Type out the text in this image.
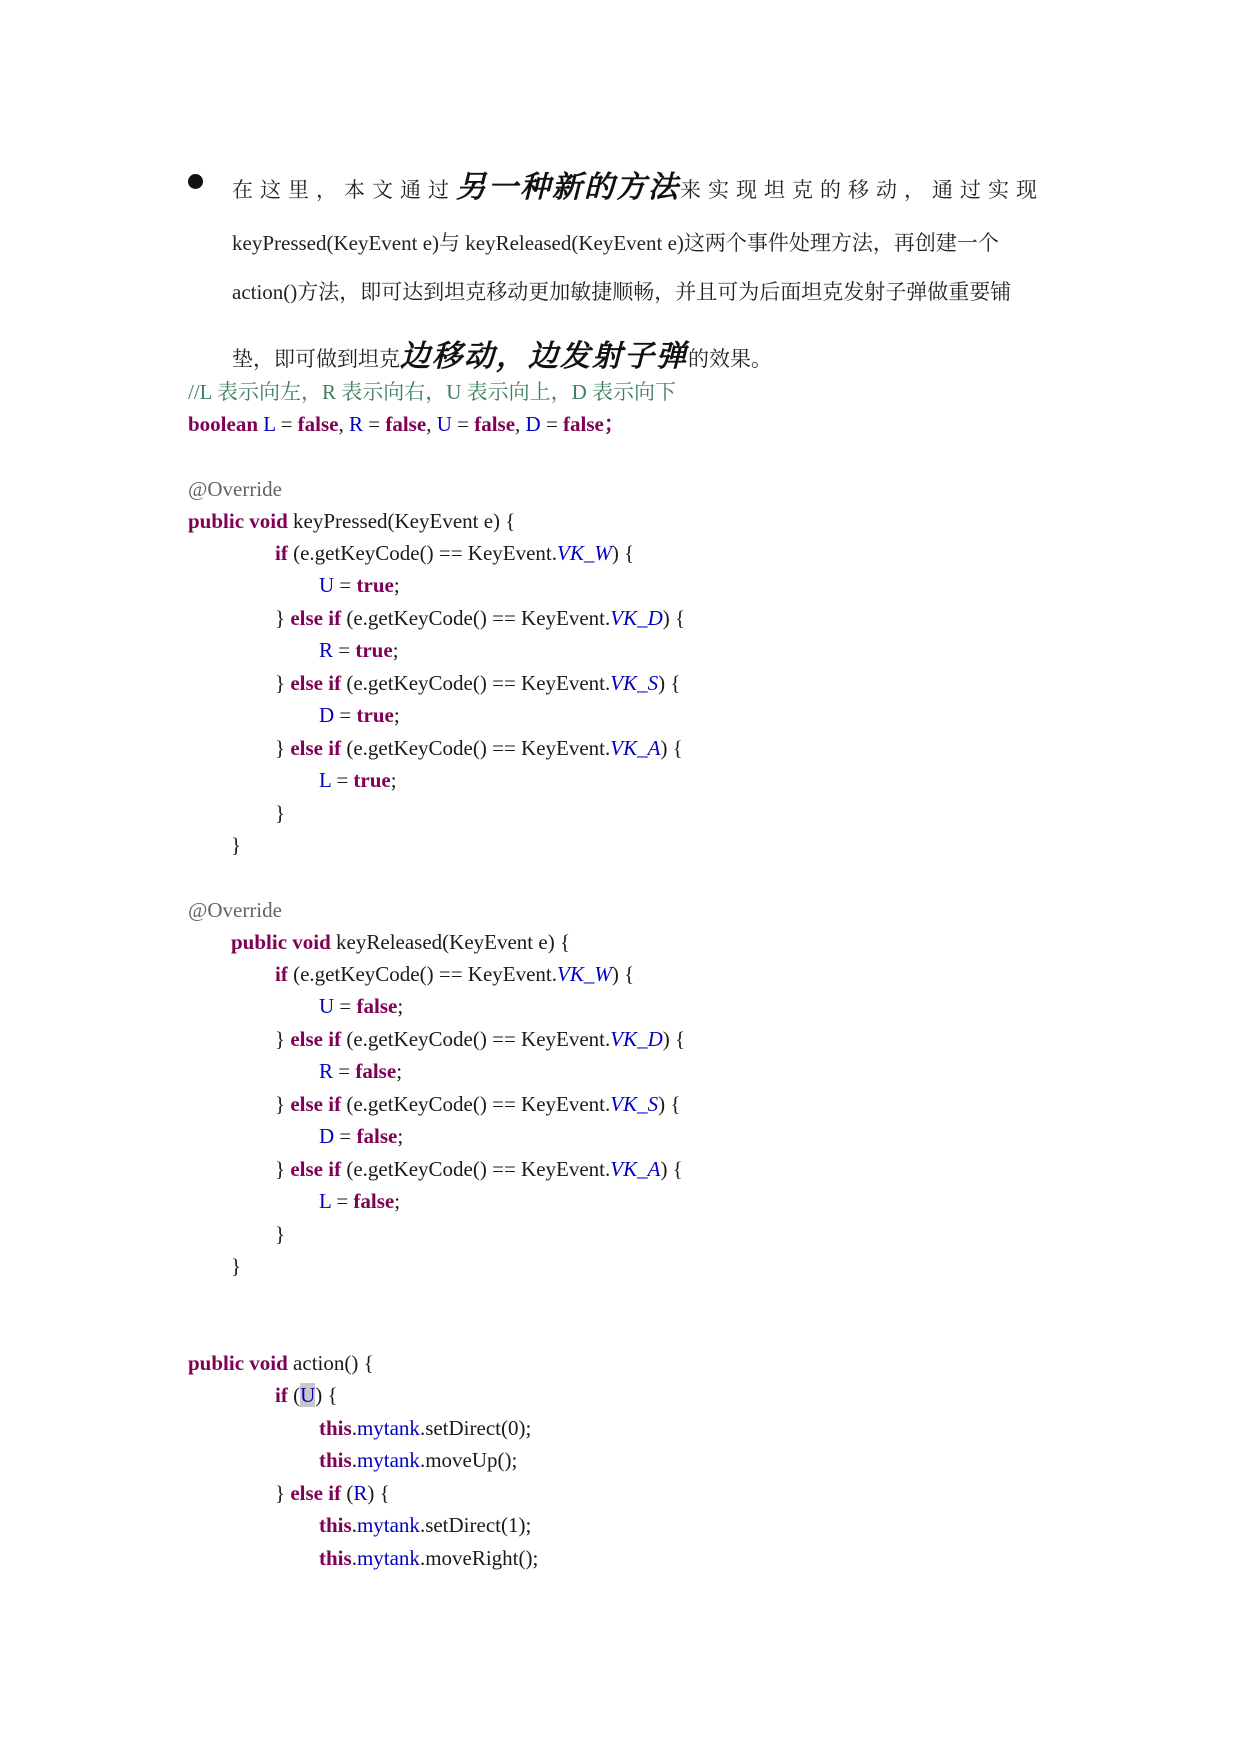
在这里，本文通过另一种新的方法来实现坦克的移动，通过实现
keyPressed(KeyEvent e)与 keyReleased(KeyEvent e)这两个事件处理方法，再创建一个
action()方法，即可达到坦克移动更加敏捷顺畅，并且可为后面坦克发射子弹做重要铺
垫，即可做到坦克边移动，边发射子弹的效果。
//L 表示向左，R 表示向右，U 表示向上，D 表示向下
boolean L = false, R = false, U = false, D = false；
@Override
public void keyPressed(KeyEvent e) {
if (e.getKeyCode() == KeyEvent.VK_W) {
U = true;
} else if (e.getKeyCode() == KeyEvent.VK_D) {
R = true;
} else if (e.getKeyCode() == KeyEvent.VK_S) {
D = true;
} else if (e.getKeyCode() == KeyEvent.VK_A) {
L = true;
}
}
@Override
public void keyReleased(KeyEvent e) {
if (e.getKeyCode() == KeyEvent.VK_W) {
U = false;
} else if (e.getKeyCode() == KeyEvent.VK_D) {
R = false;
} else if (e.getKeyCode() == KeyEvent.VK_S) {
D = false;
} else if (e.getKeyCode() == KeyEvent.VK_A) {
L = false;
}
}
public void action() {
if (U) {
this.mytank.setDirect(0);
this.mytank.moveUp();
} else if (R) {
this.mytank.setDirect(1);
this.mytank.moveRight();
